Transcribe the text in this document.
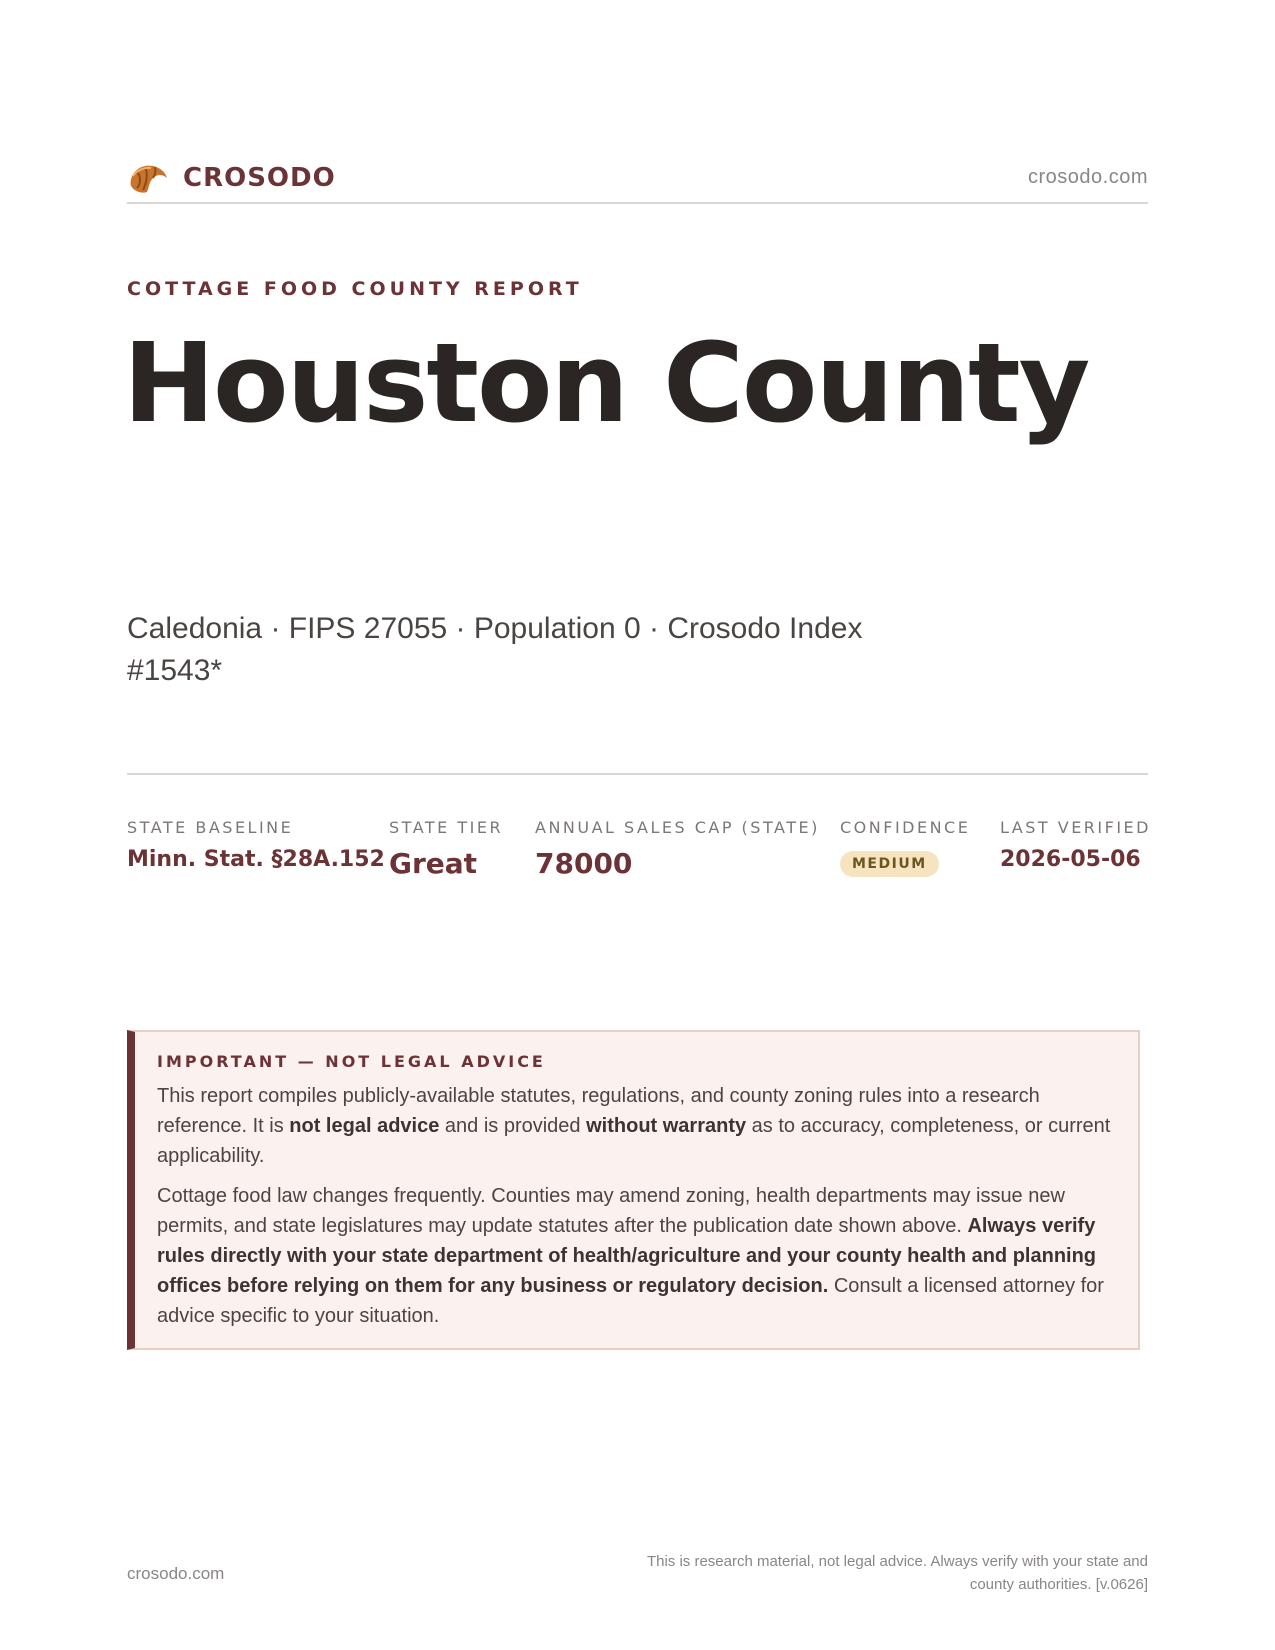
CROSODO	crosodo.com
COTTAGE FOOD COUNTY REPORT
Houston County
Caledonia · FIPS 27055 · Population 0 · Crosodo Index #1543*
STATE BASELINE
Minn. Stat. §28A.152
STATE TIER
Great
ANNUAL SALES CAP (STATE)
78000
CONFIDENCE
MEDIUM
LAST VERIFIED
2026-05-06
IMPORTANT — NOT LEGAL ADVICE

This report compiles publicly-available statutes, regulations, and county zoning rules into a research reference. It is not legal advice and is provided without warranty as to accuracy, completeness, or current applicability.

Cottage food law changes frequently. Counties may amend zoning, health departments may issue new permits, and state legislatures may update statutes after the publication date shown above. Always verify rules directly with your state department of health/agriculture and your county health and planning offices before relying on them for any business or regulatory decision. Consult a licensed attorney for advice specific to your situation.

crosodo.com
This is research material, not legal advice. Always verify with your state and county authorities. [v.0626]
